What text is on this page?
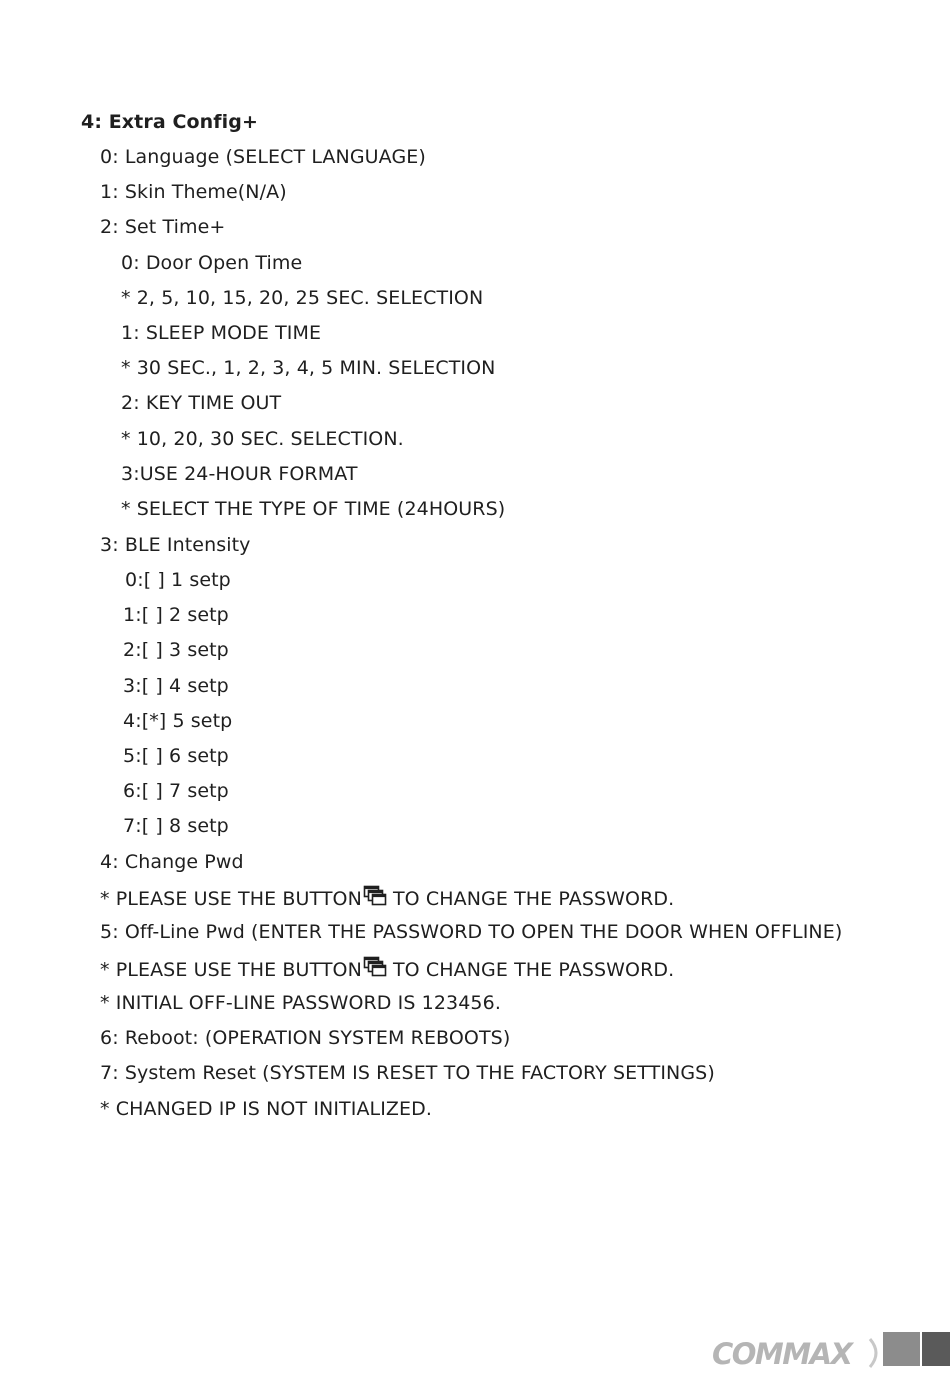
4: Extra Config+
0: Language (SELECT LANGUAGE)
1: Skin Theme(N/A)
2: Set Time+
0: Door Open Time
* 2, 5, 10, 15, 20, 25 SEC. SELECTION
1: SLEEP MODE TIME
* 30 SEC., 1, 2, 3, 4, 5 MIN. SELECTION
2: KEY TIME OUT
* 10, 20, 30 SEC. SELECTION.
3:USE 24-HOUR FORMAT
* SELECT THE TYPE OF TIME (24HOURS)
3: BLE Intensity
0:[ ] 1 setp
1:[ ] 2 setp
2:[ ] 3 setp
3:[ ] 4 setp
4:[*] 5 setp
5:[ ] 6 setp
6:[ ] 7 setp
7:[ ] 8 setp
4: Change Pwd
* PLEASE USE THE BUTTON TO CHANGE THE PASSWORD.
5: Off-Line Pwd (ENTER THE PASSWORD TO OPEN THE DOOR WHEN OFFLINE)
* PLEASE USE THE BUTTON TO CHANGE THE PASSWORD.
* INITIAL OFF-LINE PASSWORD IS 123456.
6: Reboot: (OPERATION SYSTEM REBOOTS)
7: System Reset (SYSTEM IS RESET TO THE FACTORY SETTINGS)
* CHANGED IP IS NOT INITIALIZED.
COMMAX
